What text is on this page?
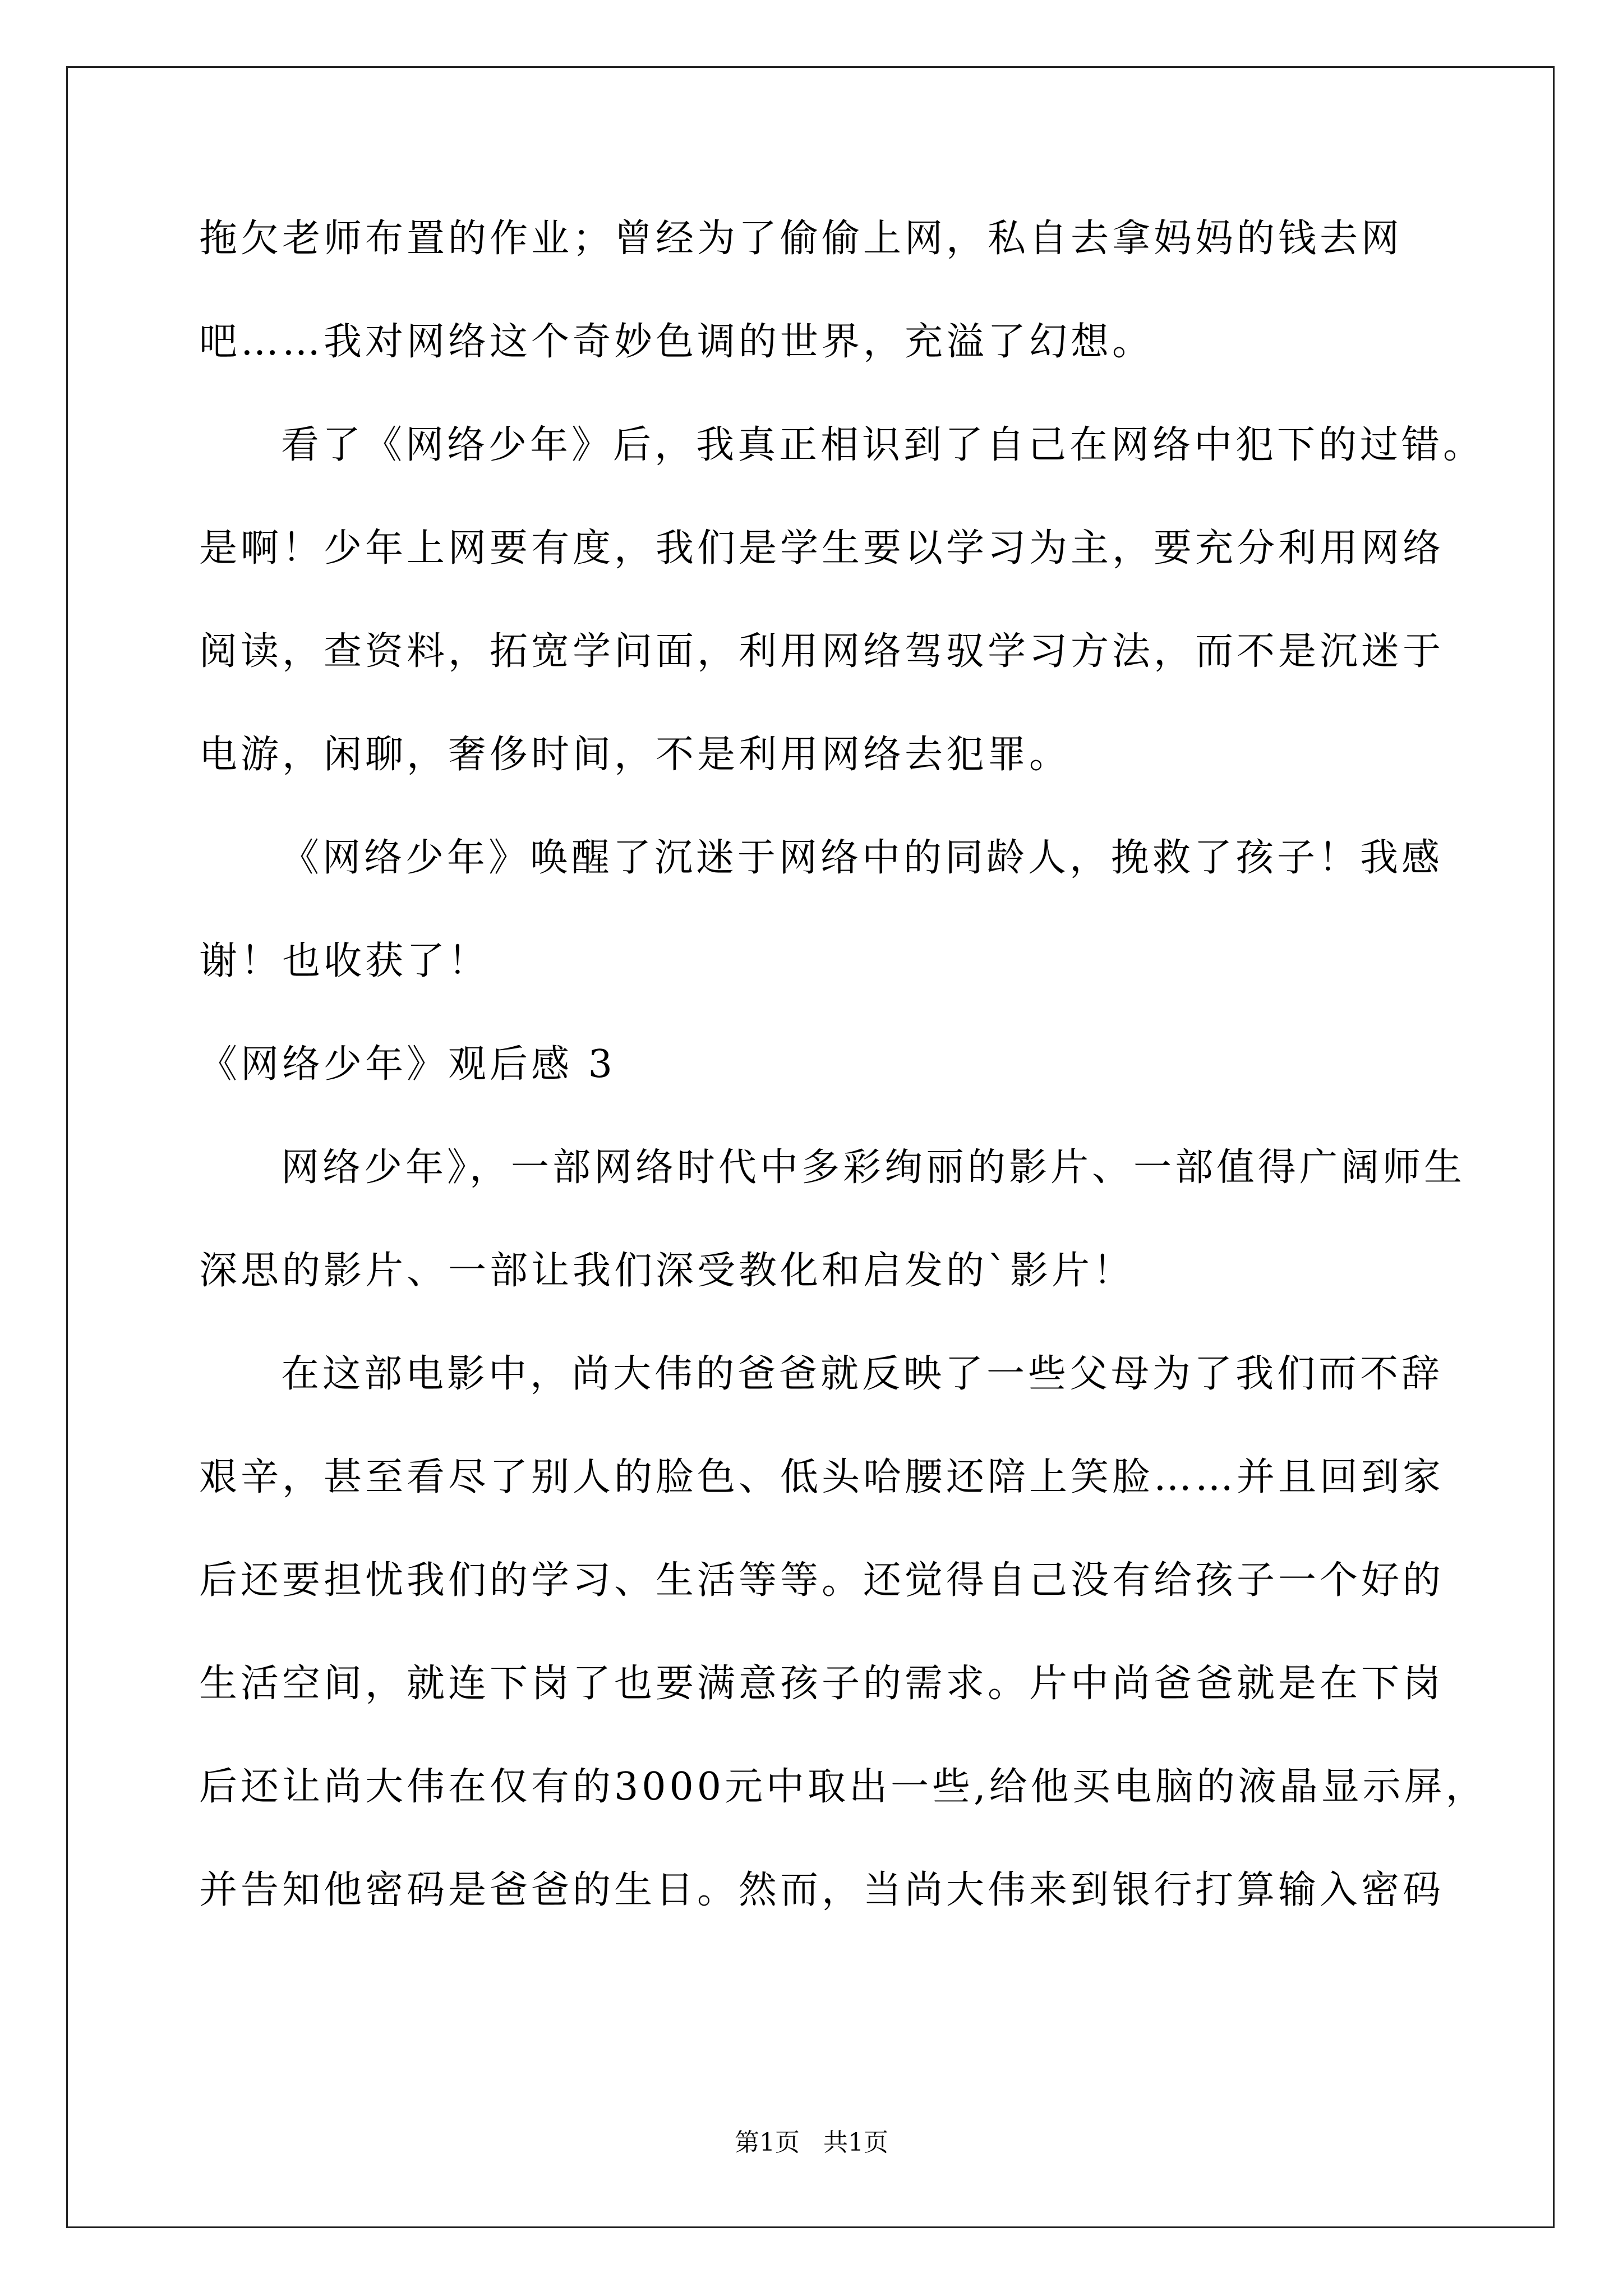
拖欠老师布置的作业；曾经为了偷偷上网，私自去拿妈妈的钱去网
吧……我对网络这个奇妙色调的世界，充溢了幻想。
看了《网络少年》后，我真正相识到了自己在网络中犯下的过错。
是啊！少年上网要有度，我们是学生要以学习为主，要充分利用网络
阅读，查资料，拓宽学问面，利用网络驾驭学习方法，而不是沉迷于
电游，闲聊，奢侈时间，不是利用网络去犯罪。
《网络少年》唤醒了沉迷于网络中的同龄人，挽救了孩子！我感
谢！也收获了！
《网络少年》观后感 3
网络少年》，一部网络时代中多彩绚丽的影片、一部值得广阔师生
深思的影片、一部让我们深受教化和启发的`影片！
在这部电影中，尚大伟的爸爸就反映了一些父母为了我们而不辞
艰辛，甚至看尽了别人的脸色、低头哈腰还陪上笑脸……并且回到家
后还要担忧我们的学习、生活等等。还觉得自己没有给孩子一个好的
生活空间，就连下岗了也要满意孩子的需求。片中尚爸爸就是在下岗
后还让尚大伟在仅有的3000元中取出一些,给他买电脑的液晶显示屏，
并告知他密码是爸爸的生日。然而，当尚大伟来到银行打算输入密码
第1页   共1页
